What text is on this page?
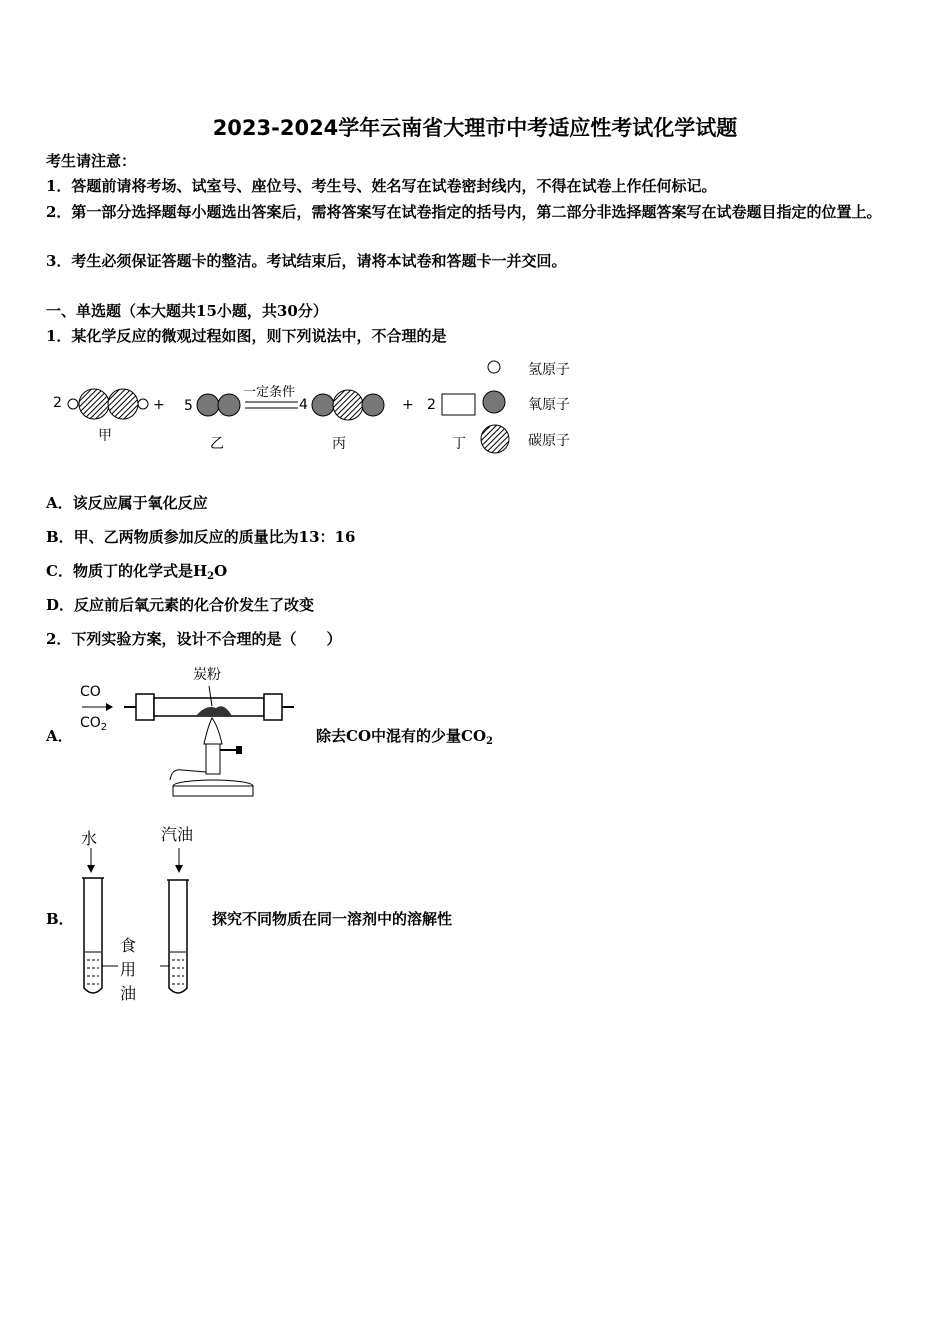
2023-2024学年云南省大理市中考适应性考试化学试题
考生请注意：
1．答题前请将考场、试室号、座位号、考生号、姓名写在试卷密封线内，不得在试卷上作任何标记。
2．第一部分选择题每小题选出答案后，需将答案写在试卷指定的括号内，第二部分非选择题答案写在试卷题目指定的位置上。
3．考生必须保证答题卡的整洁。考试结束后，请将本试卷和答题卡一并交回。
一、单选题（本大题共15小题，共30分）
1．某化学反应的微观过程如图，则下列说法中，不合理的是
2	+ 5
一定条件
4	+ 2
甲	乙	丙	丁
氢原子
氧原子
碳原子
A．该反应属于氧化反应
B．甲、乙两物质参加反应的质量比为13：16
C．物质丁的化学式是$H_2O$
D．反应前后氧元素的化合价发生了改变
2．下列实验方案，设计不合理的是（　　）
A．
CO
$CO_2$
炭粉
除去CO中混有的少量$CO_2$
B．
水	汽油
食
用
油
探究不同物质在同一溶剂中的溶解性
